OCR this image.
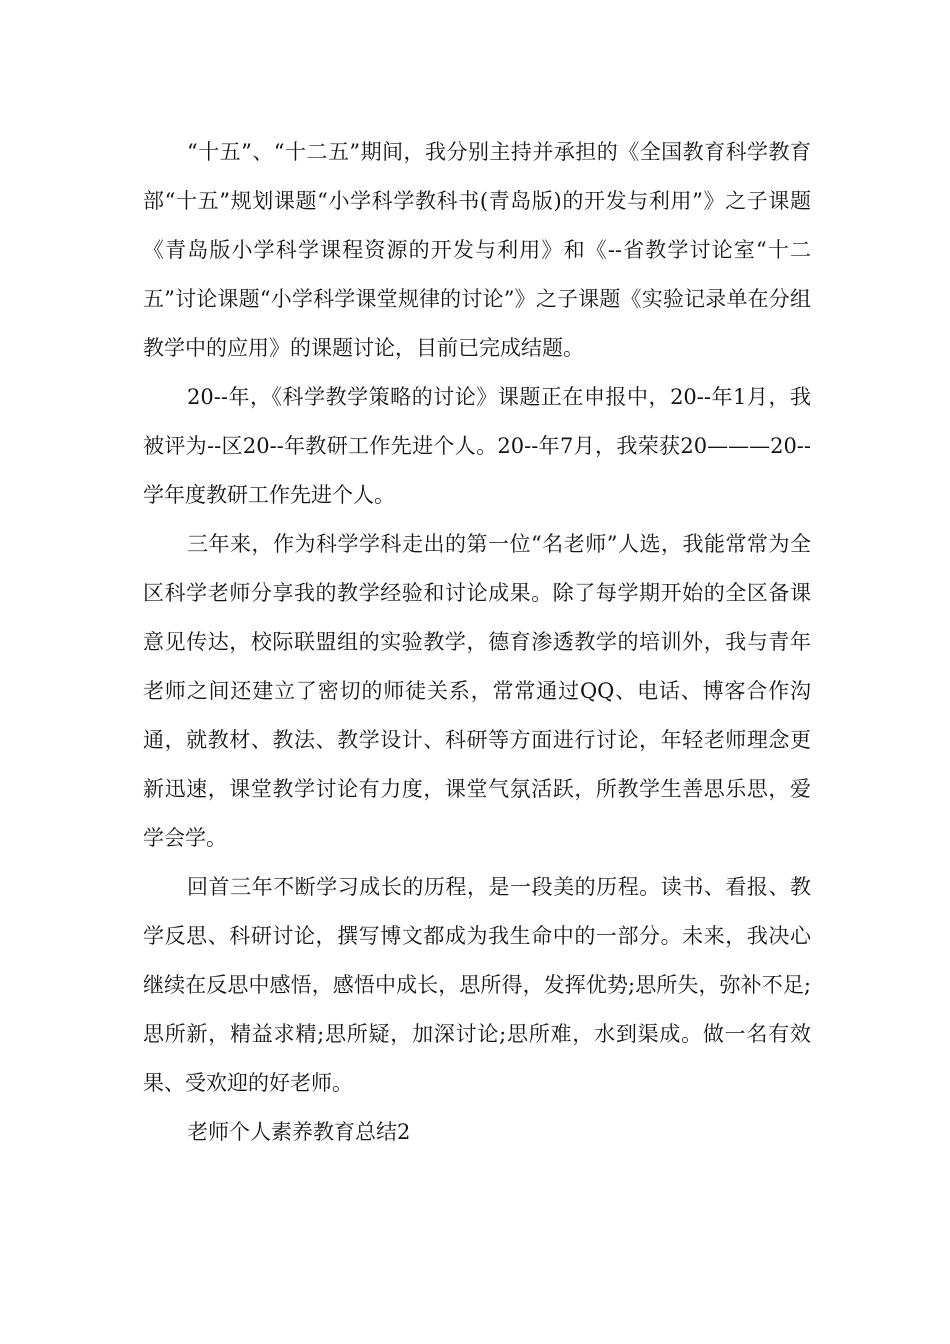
“十五”、“十二五”期间，我分别主持并承担的《全国教育科学教育部“十五”规划课题“小学科学教科书(青岛版)的开发与利用”》之子课题《青岛版小学科学课程资源的开发与利用》和《--省教学讨论室“十二五”讨论课题“小学科学课堂规律的讨论”》之子课题《实验记录单在分组教学中的应用》的课题讨论，目前已完成结题。

20--年，《科学教学策略的讨论》课题正在申报中，20--年1月，我被评为--区20--年教研工作先进个人。20--年7月，我荣获20———20--学年度教研工作先进个人。

三年来，作为科学学科走出的第一位“名老师”人选，我能常常为全区科学老师分享我的教学经验和讨论成果。除了每学期开始的全区备课意见传达，校际联盟组的实验教学，德育渗透教学的培训外，我与青年老师之间还建立了密切的师徒关系，常常通过QQ、电话、博客合作沟通，就教材、教法、教学设计、科研等方面进行讨论，年轻老师理念更新迅速，课堂教学讨论有力度，课堂气氛活跃，所教学生善思乐思，爱学会学。

回首三年不断学习成长的历程，是一段美的历程。读书、看报、教学反思、科研讨论，撰写博文都成为我生命中的一部分。未来，我决心继续在反思中感悟，感悟中成长，思所得，发挥优势;思所失，弥补不足;思所新，精益求精;思所疑，加深讨论;思所难，水到渠成。做一名有效果、受欢迎的好老师。

老师个人素养教育总结2
